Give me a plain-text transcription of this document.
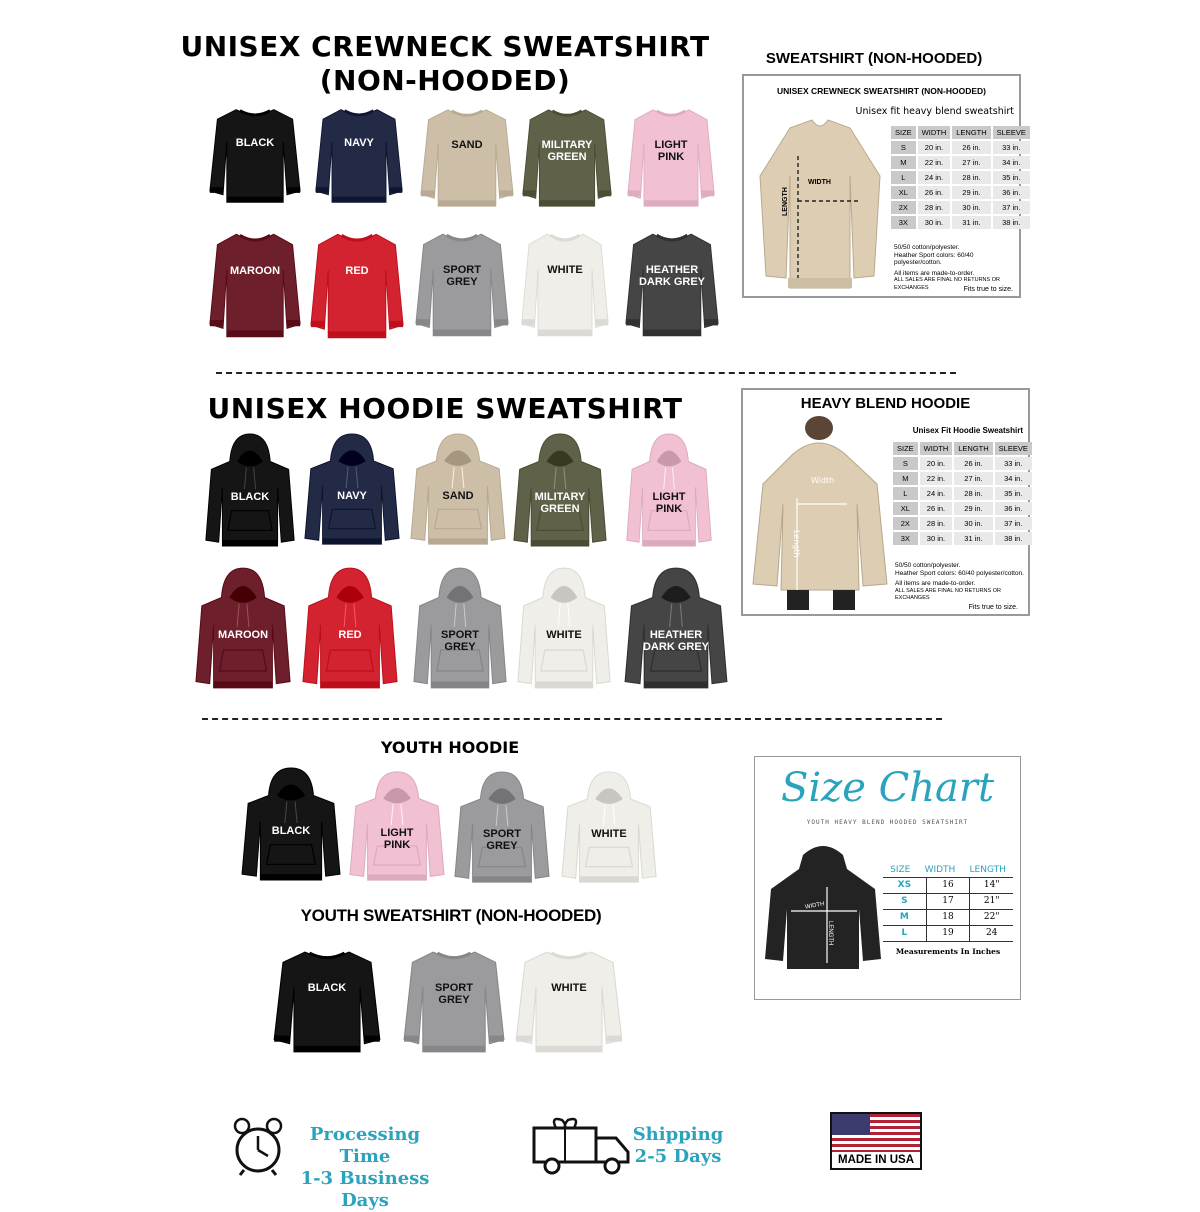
UNISEX CREWNECK SWEATSHIRT
(NON-HOODED)
BLACK	NAVY	SAND	MILITARY
GREEN
LIGHT
PINK
MAROON	RED	SPORT
GREY
WHITE	HEATHER
DARK GREY
SWEATSHIRT (NON-HOODED)
UNISEX CREWNECK SWEATSHIRT (NON-HOODED)
Unisex fit heavy blend sweatshirt
WIDTH
LENGTH
SIZE	WIDTH	LENGTH	SLEEVE
S	20 in.	26 in.	33 in.
M	22 in.	27 in.	34 in.
L	24 in.	28 in.	35 in.
XL	26 in.	29 in.	36 in.
2X	28 in.	30 in.	37 in.
3X	30 in.	31 in.	38 in.
50/50 cotton/polyester.
Heather Sport colors: 60/40 polyester/cotton.
All items are made-to-order.
ALL SALES ARE FINAL NO RETURNS OR EXCHANGES	Fits true to size.
UNISEX HOODIE SWEATSHIRT
BLACK	NAVY	SAND	MILITARY
GREEN
LIGHT
PINK
MAROON	RED	SPORT
GREY
WHITE	HEATHER
DARK GREY
HEAVY BLEND HOODIE
Unisex Fit Hoodie Sweatshirt
Width
Length
SIZE	WIDTH	LENGTH	SLEEVE
S	20 in.	26 in.	33 in.
M	22 in.	27 in.	34 in.
L	24 in.	28 in.	35 in.
XL	26 in.	29 in.	36 in.
2X	28 in.	30 in.	37 in.
3X	30 in.	31 in.	38 in.
50/50 cotton/polyester.
Heather Sport colors: 60/40 polyester/cotton.
All items are made-to-order.
ALL SALES ARE FINAL NO RETURNS OR EXCHANGES
Fits true to size.
YOUTH HOODIE
BLACK	LIGHT
PINK
SPORT
GREY
WHITE
YOUTH SWEATSHIRT (NON-HOODED)
BLACK	SPORT
GREY
WHITE
Size Chart
YOUTH HEAVY BLEND HOODED SWEATSHIRT
WIDTH
LENGTH
SIZE WIDTH LENGTH
XS	16	14"
S	17	21"
M	18	22"
L	19	24
Measurements In Inches
Processing Time
1-3 Business Days
Shipping
2-5 Days	MADE IN USA
